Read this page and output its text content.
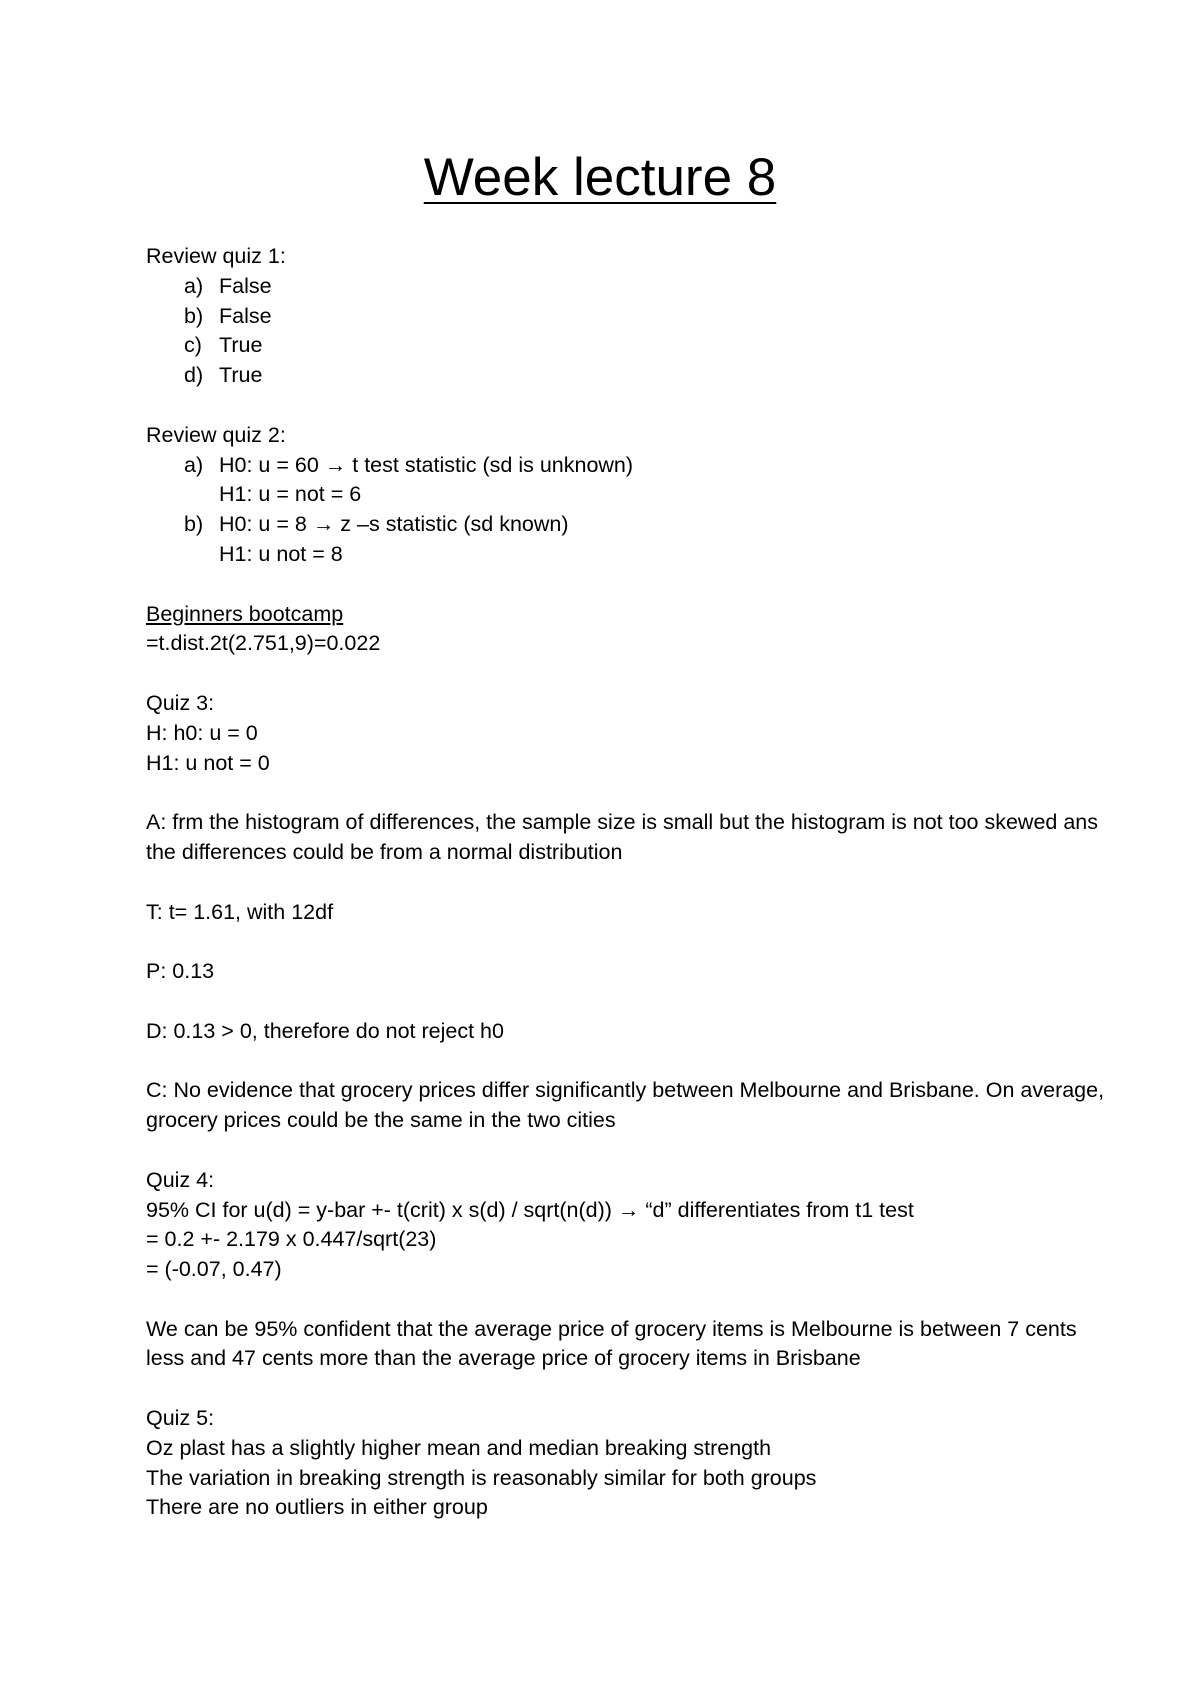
Week lecture 8
Review quiz 1:
a) False
b) False
c) True
d) True
Review quiz 2:
a) H0: u = 60 → t test statistic (sd is unknown)
H1: u = not = 6
b) H0: u = 8 → z –s statistic (sd known)
H1: u not = 8
Beginners bootcamp
=t.dist.2t(2.751,9)=0.022
Quiz 3:
H: h0: u = 0
H1: u not = 0
A: frm the histogram of differences, the sample size is small but the histogram is not too skewed ans the differences could be from a normal distribution
T: t= 1.61, with 12df
P: 0.13
D: 0.13 > 0, therefore do not reject h0
C: No evidence that grocery prices differ significantly between Melbourne and Brisbane. On average, grocery prices could be the same in the two cities
Quiz 4:
95% CI for u(d) = y-bar +- t(crit) x s(d) / sqrt(n(d)) → “d” differentiates from t1 test
= 0.2 +- 2.179 x 0.447/sqrt(23)
= (-0.07, 0.47)
We can be 95% confident that the average price of grocery items is Melbourne is between 7 cents less and 47 cents more than the average price of grocery items in Brisbane
Quiz 5:
Oz plast has a slightly higher mean and median breaking strength
The variation in breaking strength is reasonably similar for both groups
There are no outliers in either group
